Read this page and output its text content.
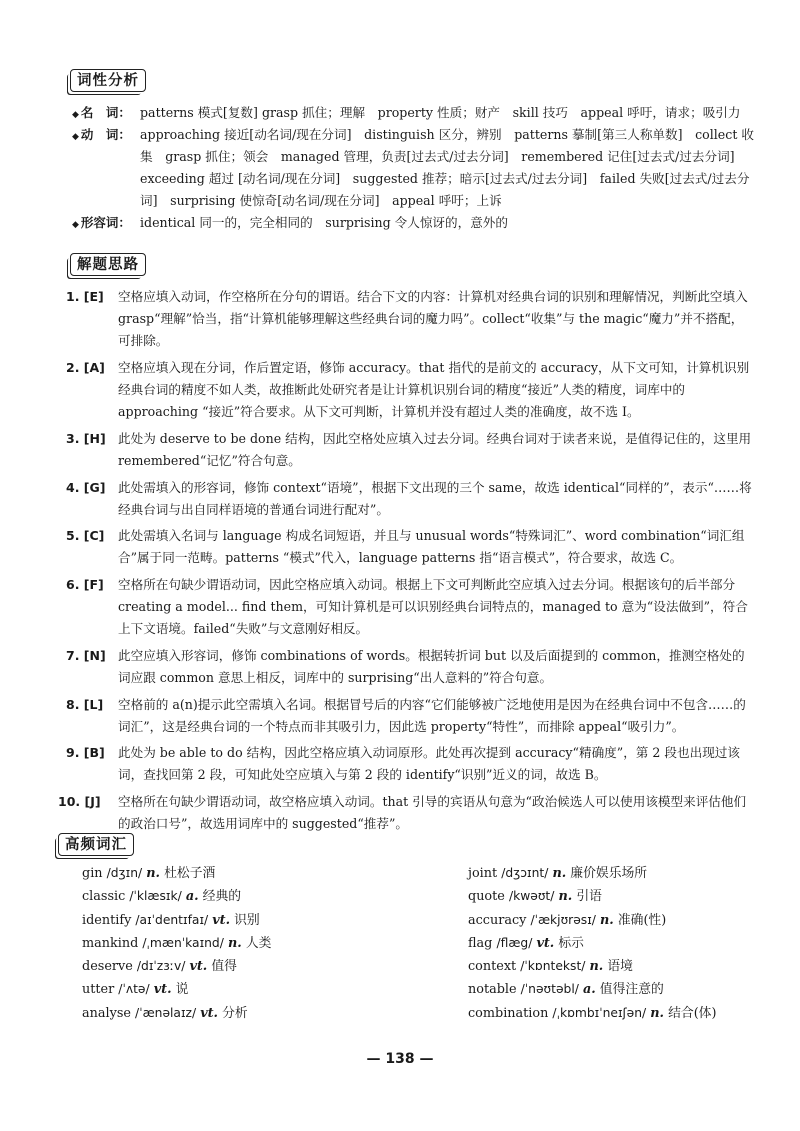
词性分析
◆ 名　词： patterns 模式[复数] grasp 抓住；理解　property 性质；财产　skill 技巧　appeal 呼吁，请求；吸引力
◆ 动　词： approaching 接近[动名词/现在分词]　distinguish 区分，辨别　patterns 摹制[第三人称单数]　collect 收集　grasp 抓住；领会　managed 管理，负责[过去式/过去分词]　remembered 记住[过去式/过去分词]　exceeding 超过 [动名词/现在分词]　suggested 推荐；暗示[过去式/过去分词]　failed 失败[过去式/过去分词]　surprising 使惊奇[动名词/现在分词]　appeal 呼吁；上诉
◆ 形容词： identical 同一的，完全相同的　surprising 令人惊讶的，意外的
解题思路
1. [E]	空格应填入动词，作空格所在分句的谓语。结合下文的内容：计算机对经典台词的识别和理解情况，判断此空填入 grasp“理解”恰当，指“计算机能够理解这些经典台词的魔力吗”。collect“收集”与 the magic“魔力”并不搭配，可排除。
2. [A]	空格应填入现在分词，作后置定语，修饰 accuracy。that 指代的是前文的 accuracy，从下文可知，计算机识别经典台词的精度不如人类，故推断此处研究者是让计算机识别台词的精度“接近”人类的精度，词库中的 approaching “接近”符合要求。从下文可判断，计算机并没有超过人类的准确度，故不选 I。
3. [H] 此处为 deserve to be done 结构，因此空格处应填入过去分词。经典台词对于读者来说，是值得记住的，这里用 remembered“记忆”符合句意。
4. [G] 此处需填入的形容词，修饰 context“语境”，根据下文出现的三个 same，故选 identical“同样的”，表示“……将经典台词与出自同样语境的普通台词进行配对”。
5. [C]	此处需填入名词与 language 构成名词短语，并且与 unusual words“特殊词汇”、word combination“词汇组合”属于同一范畴。patterns “模式”代入，language patterns 指“语言模式”，符合要求，故选 C。
6. [F]	空格所在句缺少谓语动词，因此空格应填入动词。根据上下文可判断此空应填入过去分词。根据该句的后半部分 creating a model... find them，可知计算机是可以识别经典台词特点的，managed to 意为“设法做到”，符合上下文语境。failed“失败”与文意刚好相反。
7. [N] 此空应填入形容词，修饰 combinations of words。根据转折词 but 以及后面提到的 common，推测空格处的词应跟 common 意思上相反，词库中的 surprising“出人意料的”符合句意。
8. [L]	空格前的 a(n)提示此空需填入名词。根据冒号后的内容“它们能够被广泛地使用是因为在经典台词中不包含……的词汇”，这是经典台词的一个特点而非其吸引力，因此选 property“特性”，而排除 appeal“吸引力”。
9. [B]	此处为 be able to do 结构，因此空格应填入动词原形。此处再次提到 accuracy“精确度”，第 2 段也出现过该词，查找回第 2 段，可知此处空应填入与第 2 段的 identify“识别”近义的词，故选 B。
10. [J]	空格所在句缺少谓语动词，故空格应填入动词。that 引导的宾语从句意为“政治候选人可以使用该模型来评估他们的政治口号”，故选用词库中的 suggested“推荐”。
高频词汇
gin /dʒɪn/ n. 杜松子酒
classic /ˈklæsɪk/ a. 经典的
identify /aɪˈdentɪfaɪ/ vt. 识别
mankind /ˌmænˈkaɪnd/ n. 人类
deserve /dɪˈzɜːv/ vt. 值得
utter /ˈʌtə/ vt. 说
analyse /ˈænəlaɪz/ vt. 分析
joint /dʒɔɪnt/ n. 廉价娱乐场所
quote /kwəʊt/ n. 引语
accuracy /ˈækjʊrəsɪ/ n. 准确(性)
flag /flæg/ vt. 标示
context /ˈkɒntekst/ n. 语境
notable /ˈnəʊtəbl/ a. 值得注意的
combination /ˌkɒmbɪˈneɪʃən/ n. 结合(体)
— 138 —
